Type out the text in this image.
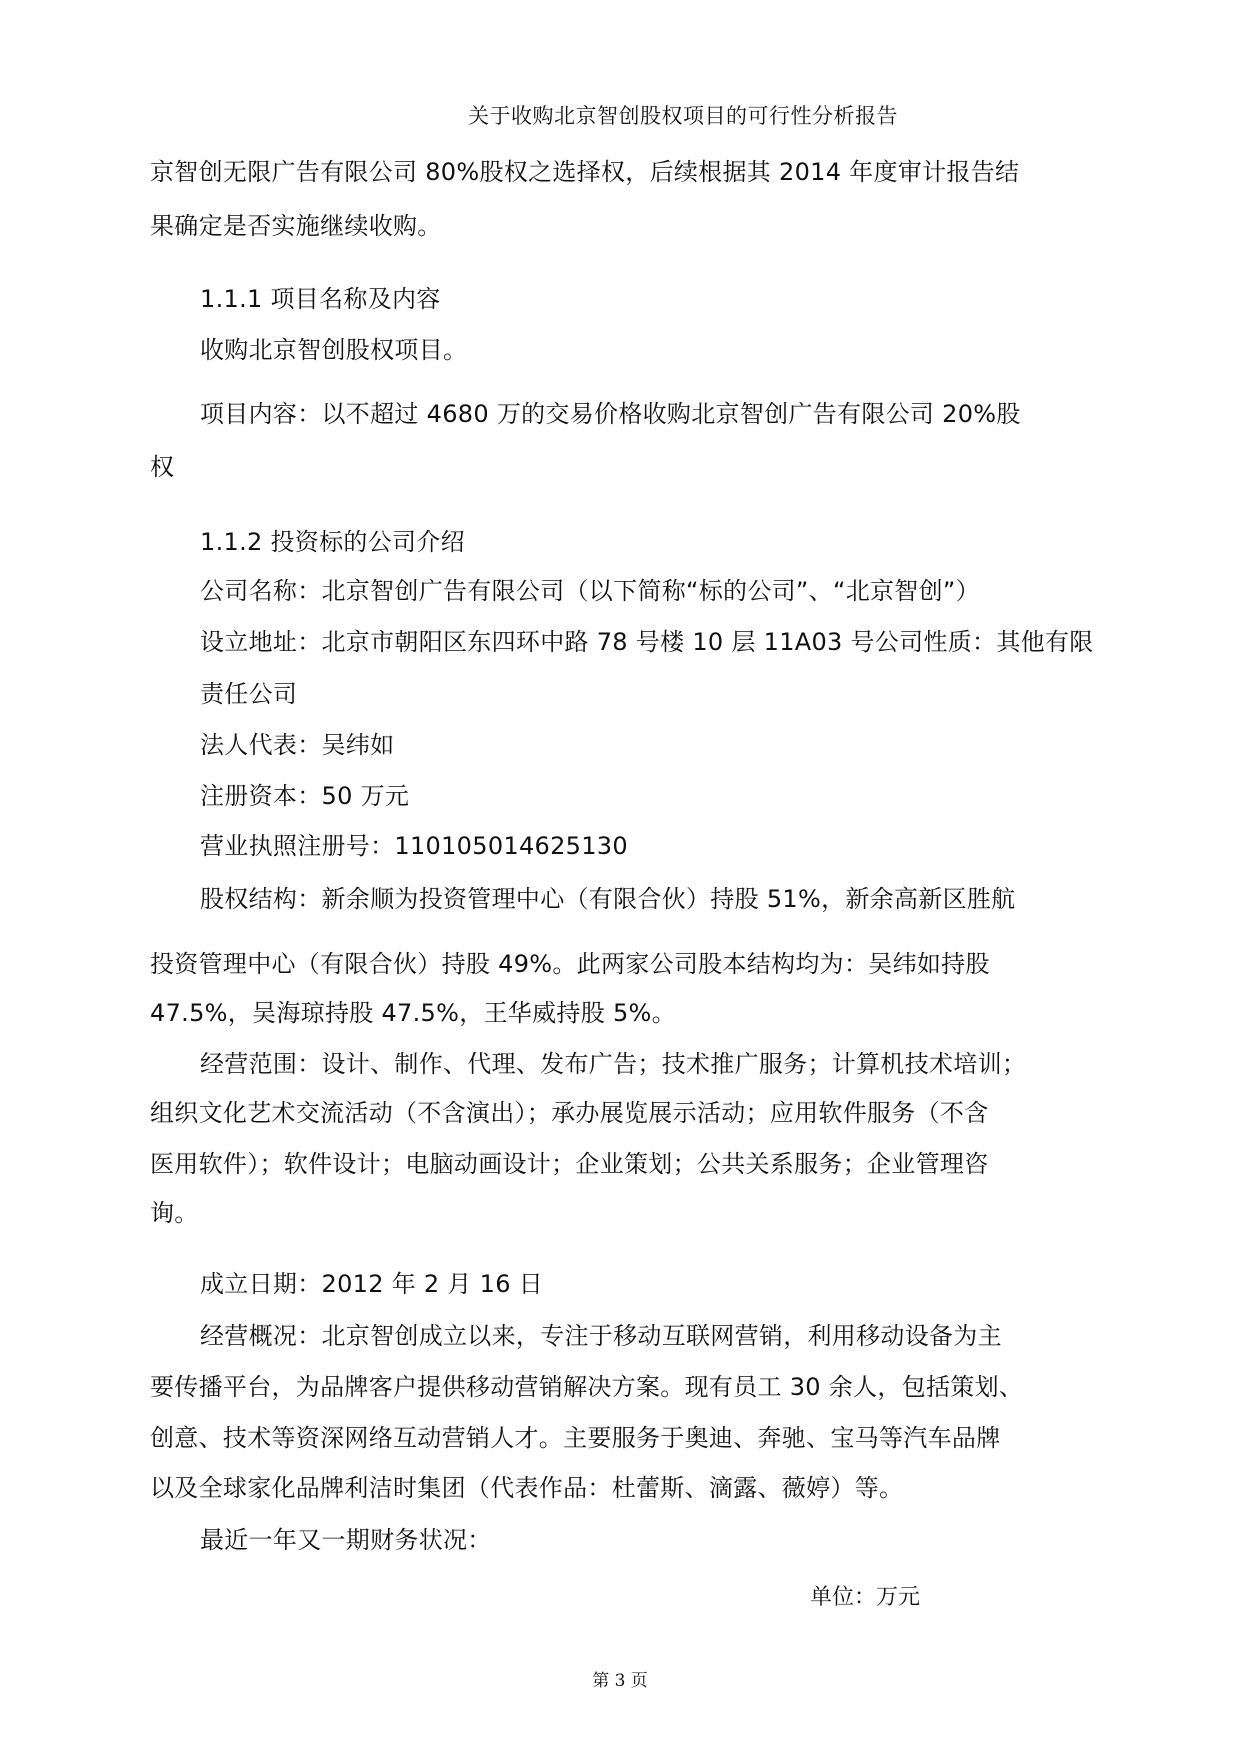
关于收购北京智创股权项目的可行性分析报告
京智创无限广告有限公司 80%股权之选择权，后续根据其 2014 年度审计报告结
果确定是否实施继续收购。
1.1.1 项目名称及内容
收购北京智创股权项目。
项目内容：以不超过 4680 万的交易价格收购北京智创广告有限公司 20%股
权
1.1.2 投资标的公司介绍
公司名称：北京智创广告有限公司（以下简称“标的公司”、“北京智创”）
设立地址：北京市朝阳区东四环中路 78 号楼 10 层 11A03 号公司性质：其他有限
责任公司
法人代表：吴纬如
注册资本：50 万元
营业执照注册号：110105014625130
股权结构：新余顺为投资管理中心（有限合伙）持股 51%，新余高新区胜航
投资管理中心（有限合伙）持股 49%。此两家公司股本结构均为：吴纬如持股
47.5%，吴海琼持股 47.5%，王华威持股 5%。
经营范围：设计、制作、代理、发布广告；技术推广服务；计算机技术培训；
组织文化艺术交流活动（不含演出）；承办展览展示活动；应用软件服务（不含
医用软件）；软件设计；电脑动画设计；企业策划；公共关系服务；企业管理咨
询。
成立日期：2012 年 2 月 16 日
经营概况：北京智创成立以来，专注于移动互联网营销，利用移动设备为主
要传播平台，为品牌客户提供移动营销解决方案。现有员工 30 余人，包括策划、
创意、技术等资深网络互动营销人才。主要服务于奥迪、奔驰、宝马等汽车品牌
以及全球家化品牌利洁时集团（代表作品：杜蕾斯、滴露、薇婷）等。
最近一年又一期财务状况：
单位：万元
第 3 页
